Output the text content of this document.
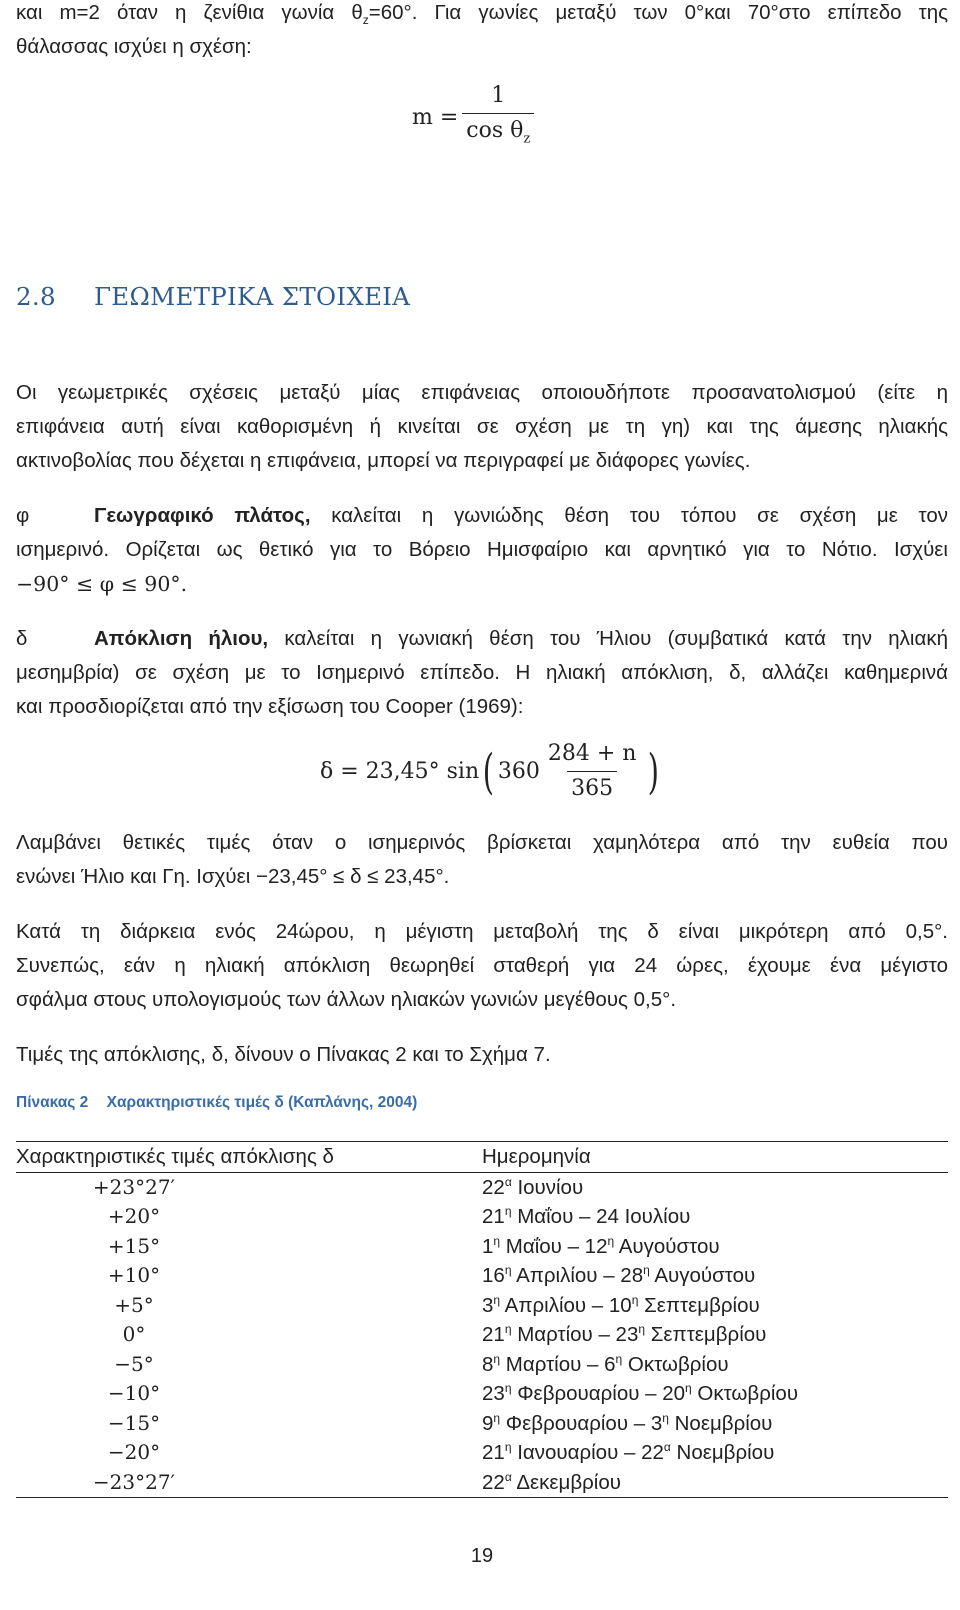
και m=2 όταν η ζενίθια γωνία $\theta_z=60^\circ$. Για γωνίες μεταξύ των 0°και 70°στο επίπεδο της

θάλασσας ισχύει η σχέση:

$m = \frac{1}{\cos \theta_z}$
2.8 ΓΕΩΜΕΤΡΙΚΑ ΣΤΟΙΧΕΙΑ

Οι γεωμετρικές σχέσεις μεταξύ μίας επιφάνειας οποιουδήποτε προσανατολισμού (είτε η

επιφάνεια αυτή είναι καθορισμένη ή κινείται σε σχέση με τη γη) και της άμεσης ηλιακής

ακτινοβολίας που δέχεται η επιφάνεια, μπορεί να περιγραφεί με διάφορες γωνίες.

φ	Γεωγραφικό πλάτος, καλείται η γωνιώδης θέση του τόπου σε σχέση με τον

ισημερινό. Ορίζεται ως θετικό για το Βόρειο Ημισφαίριο και αρνητικό για το Νότιο. Ισχύει

−90° ≤ φ ≤ 90°.

δ	Απόκλιση ήλιου, καλείται η γωνιακή θέση του Ήλιου (συμβατικά κατά την ηλιακή

μεσημβρία) σε σχέση με το Ισημερινό επίπεδο. Η ηλιακή απόκλιση, δ, αλλάζει καθημερινά

και προσδιορίζεται από την εξίσωση του Cooper (1969):

δ = 23,45° sin ( $360 \frac{284 + n}{365}$ )

Λαμβάνει θετικές τιμές όταν ο ισημερινός βρίσκεται χαμηλότερα από την ευθεία που

ενώνει Ήλιο και Γη. Ισχύει −23,45° ≤ δ ≤ 23,45°.

Κατά τη διάρκεια ενός 24ώρου, η μέγιστη μεταβολή της δ είναι μικρότερη από 0,5°.

Συνεπώς, εάν η ηλιακή απόκλιση θεωρηθεί σταθερή για 24 ώρες, έχουμε ένα μέγιστο

σφάλμα στους υπολογισμούς των άλλων ηλιακών γωνιών μεγέθους 0,5°.

Τιμές της απόκλισης, δ, δίνουν ο Πίνακας 2 και το Σχήμα 7.

Πίνακας 2 Χαρακτηριστικές τιμές δ (Καπλάνης, 2004)
Χαρακτηριστικές τιμές απόκλισης δ	Ημερομηνία
+23°27′	$22^\alpha$ Ιουνίου
+20°	$21^\eta$ Μαΐου – 24 Ιουλίου
+15°	$1^\eta$ Μαΐου – $12^\eta$ Αυγούστου
+10°	$16^\eta$ Απριλίου – $28^\eta$ Αυγούστου
+5°	$3^\eta$ Απριλίου – $10^\eta$ Σεπτεμβρίου
0°	$21^\eta$ Μαρτίου – $23^\eta$ Σεπτεμβρίου
−5°	$8^\eta$ Μαρτίου – $6^\eta$ Οκτωβρίου
−10°	$23^\eta$ Φεβρουαρίου – $20^\eta$ Οκτωβρίου
−15°	$9^\eta$ Φεβρουαρίου – $3^\eta$ Νοεμβρίου
−20°	$21^\eta$ Ιανουαρίου – $22^\alpha$ Νοεμβρίου
−23°27′	$22^\alpha$ Δεκεμβρίου
19
